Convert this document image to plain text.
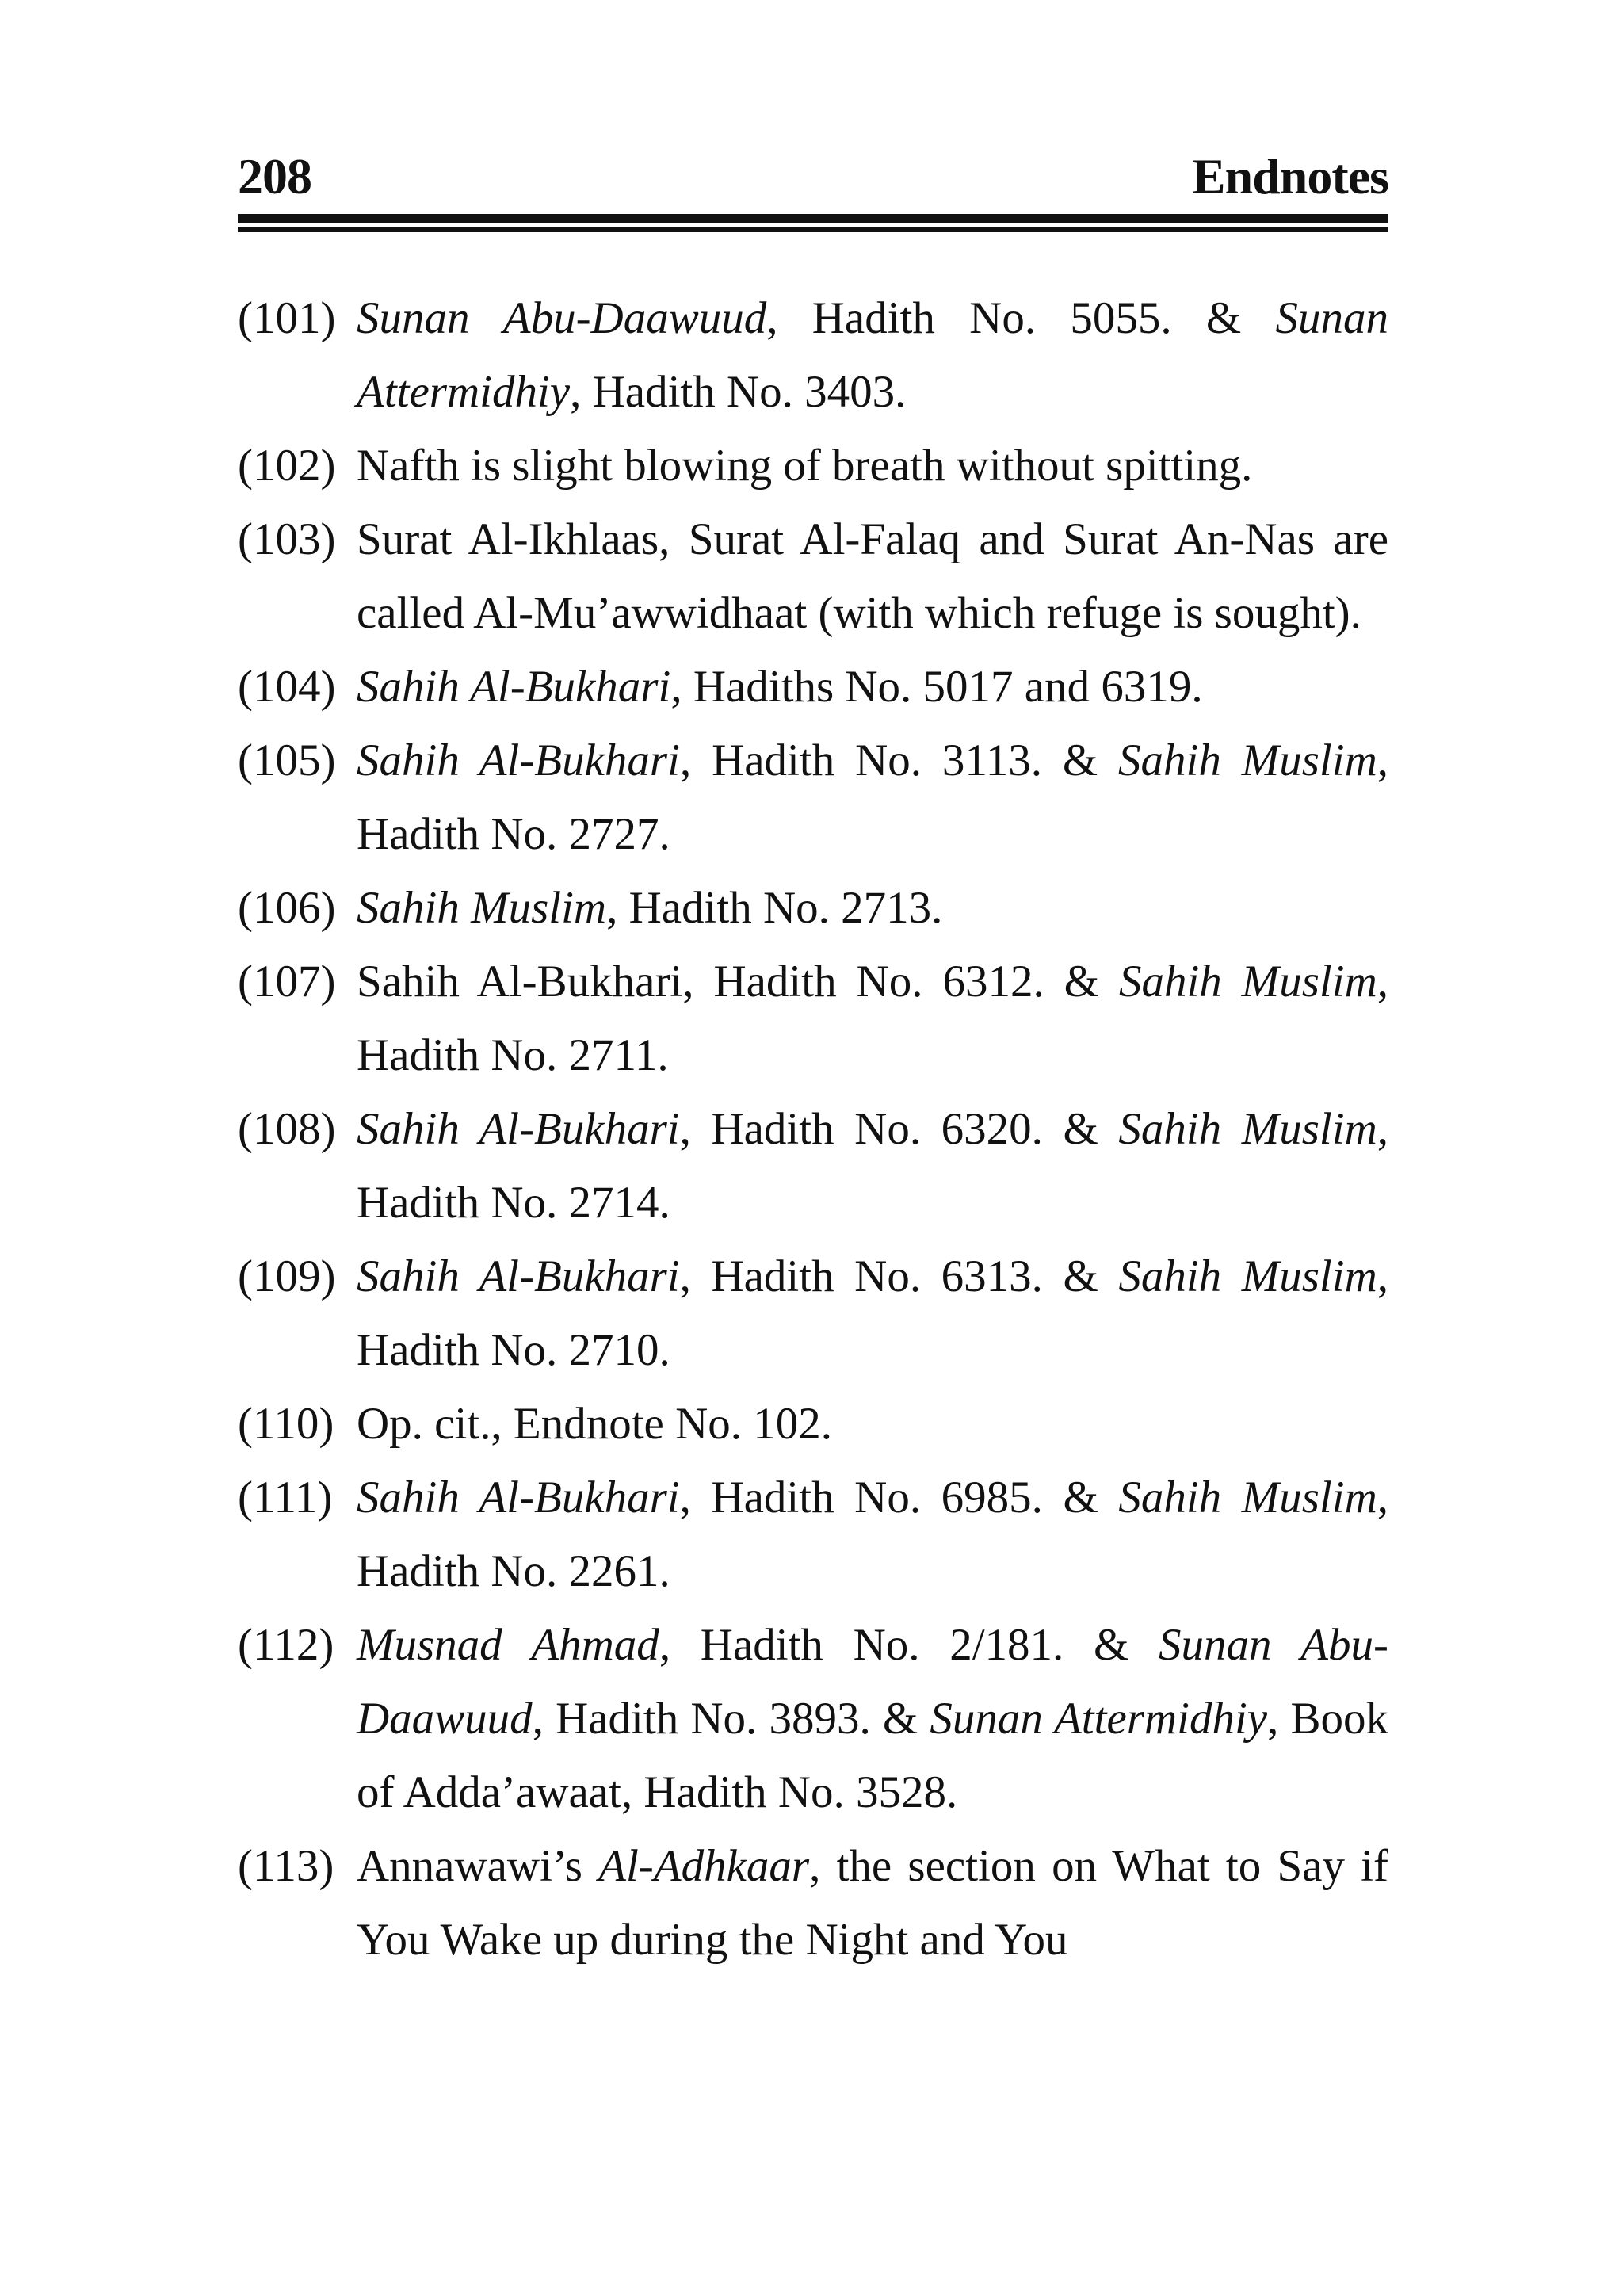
208	Endnotes
(101) Sunan Abu-Daawuud, Hadith No. 5055. & Sunan Attermidhiy, Hadith No. 3403.
(102) Nafth is slight blowing of breath without spitting.
(103) Surat Al-Ikhlaas, Surat Al-Falaq and Surat An-Nas are called Al-Mu’awwidhaat (with which refuge is sought).
(104) Sahih Al-Bukhari, Hadiths No. 5017 and 6319.
(105) Sahih Al-Bukhari, Hadith No. 3113. & Sahih Muslim, Hadith No. 2727.
(106) Sahih Muslim, Hadith No. 2713.
(107) Sahih Al-Bukhari, Hadith No. 6312. & Sahih Muslim, Hadith No. 2711.
(108) Sahih Al-Bukhari, Hadith No. 6320. & Sahih Muslim, Hadith No. 2714.
(109) Sahih Al-Bukhari, Hadith No. 6313. & Sahih Muslim, Hadith No. 2710.
(110) Op. cit., Endnote No. 102.
(111) Sahih Al-Bukhari, Hadith No. 6985. & Sahih Muslim, Hadith No. 2261.
(112) Musnad Ahmad, Hadith No. 2/181. & Sunan Abu-Daawuud, Hadith No. 3893. & Sunan Attermidhiy, Book of Adda’awaat, Hadith No. 3528.
(113) Annawawi’s Al-Adhkaar, the section on What to Say if You Wake up during the Night and You
